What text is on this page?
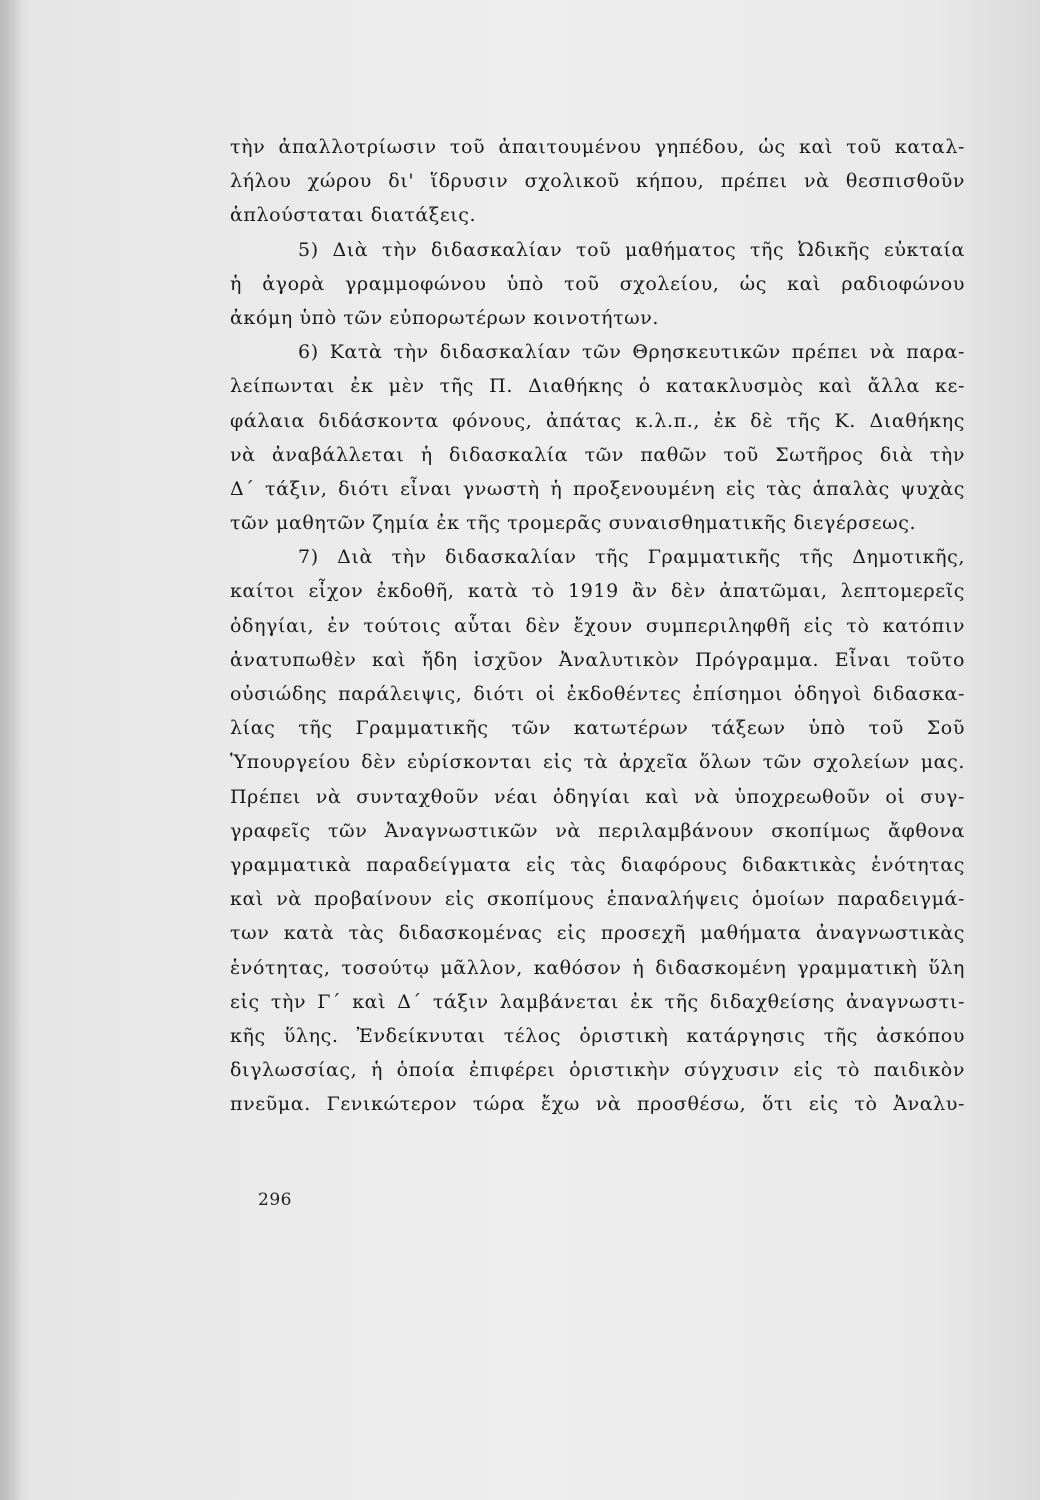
τὴν ἀπαλλοτρίωσιν τοῦ ἀπαιτουμένου γηπέδου, ὡς καὶ τοῦ καταλ-
λήλου χώρου δι' ἵδρυσιν σχολικοῦ κήπου, πρέπει νὰ θεσπισθοῦν
ἁπλούσταται διατάξεις.
5) Διὰ τὴν διδασκαλίαν τοῦ μαθήματος τῆς Ὠδικῆς εὐκταία
ἡ ἀγορὰ γραμμοφώνου ὑπὸ τοῦ σχολείου, ὡς καὶ ραδιοφώνου
ἀκόμη ὑπὸ τῶν εὐπορωτέρων κοινοτήτων.
6) Κατὰ τὴν διδασκαλίαν τῶν Θρησκευτικῶν πρέπει νὰ παρα-
λείπωνται ἐκ μὲν τῆς Π. Διαθήκης ὁ κατακλυσμὸς καὶ ἄλλα κε-
φάλαια διδάσκοντα φόνους, ἀπάτας κ.λ.π., ἐκ δὲ τῆς Κ. Διαθήκης
νὰ ἀναβάλλεται ἡ διδασκαλία τῶν παθῶν τοῦ Σωτῆρος διὰ τὴν
Δ΄ τάξιν, διότι εἶναι γνωστὴ ἡ προξενουμένη εἰς τὰς ἁπαλὰς ψυχὰς
τῶν μαθητῶν ζημία ἐκ τῆς τρομερᾶς συναισθηματικῆς διεγέρσεως.
7) Διὰ τὴν διδασκαλίαν τῆς Γραμματικῆς τῆς Δημοτικῆς,
καίτοι εἶχον ἐκδοθῆ, κατὰ τὸ 1919 ἂν δὲν ἀπατῶμαι, λεπτομερεῖς
ὁδηγίαι, ἐν τούτοις αὗται δὲν ἔχουν συμπεριληφθῆ εἰς τὸ κατόπιν
ἀνατυπωθὲν καὶ ἤδη ἰσχῦον Ἀναλυτικὸν Πρόγραμμα. Εἶναι τοῦτο
οὐσιώδης παράλειψις, διότι οἱ ἐκδοθέντες ἐπίσημοι ὁδηγοὶ διδασκα-
λίας τῆς Γραμματικῆς τῶν κατωτέρων τάξεων ὑπὸ τοῦ Σοῦ
Ὑπουργείου δὲν εὑρίσκονται εἰς τὰ ἀρχεῖα ὅλων τῶν σχολείων μας.
Πρέπει νὰ συνταχθοῦν νέαι ὁδηγίαι καὶ νὰ ὑποχρεωθοῦν οἱ συγ-
γραφεῖς τῶν Ἀναγνωστικῶν νὰ περιλαμβάνουν σκοπίμως ἄφθονα
γραμματικὰ παραδείγματα εἰς τὰς διαφόρους διδακτικὰς ἑνότητας
καὶ νὰ προβαίνουν εἰς σκοπίμους ἐπαναλήψεις ὁμοίων παραδειγμά-
των κατὰ τὰς διδασκομένας εἰς προσεχῆ μαθήματα ἀναγνωστικὰς
ἑνότητας, τοσούτῳ μᾶλλον, καθόσον ἡ διδασκομένη γραμματικὴ ὕλη
εἰς τὴν Γ΄ καὶ Δ΄ τάξιν λαμβάνεται ἐκ τῆς διδαχθείσης ἀναγνωστι-
κῆς ὕλης. Ἐνδείκνυται τέλος ὁριστικὴ κατάργησις τῆς ἀσκόπου
διγλωσσίας, ἡ ὁποία ἐπιφέρει ὁριστικὴν σύγχυσιν εἰς τὸ παιδικὸν
πνεῦμα. Γενικώτερον τώρα ἔχω νὰ προσθέσω, ὅτι εἰς τὸ Ἀναλυ-
296
